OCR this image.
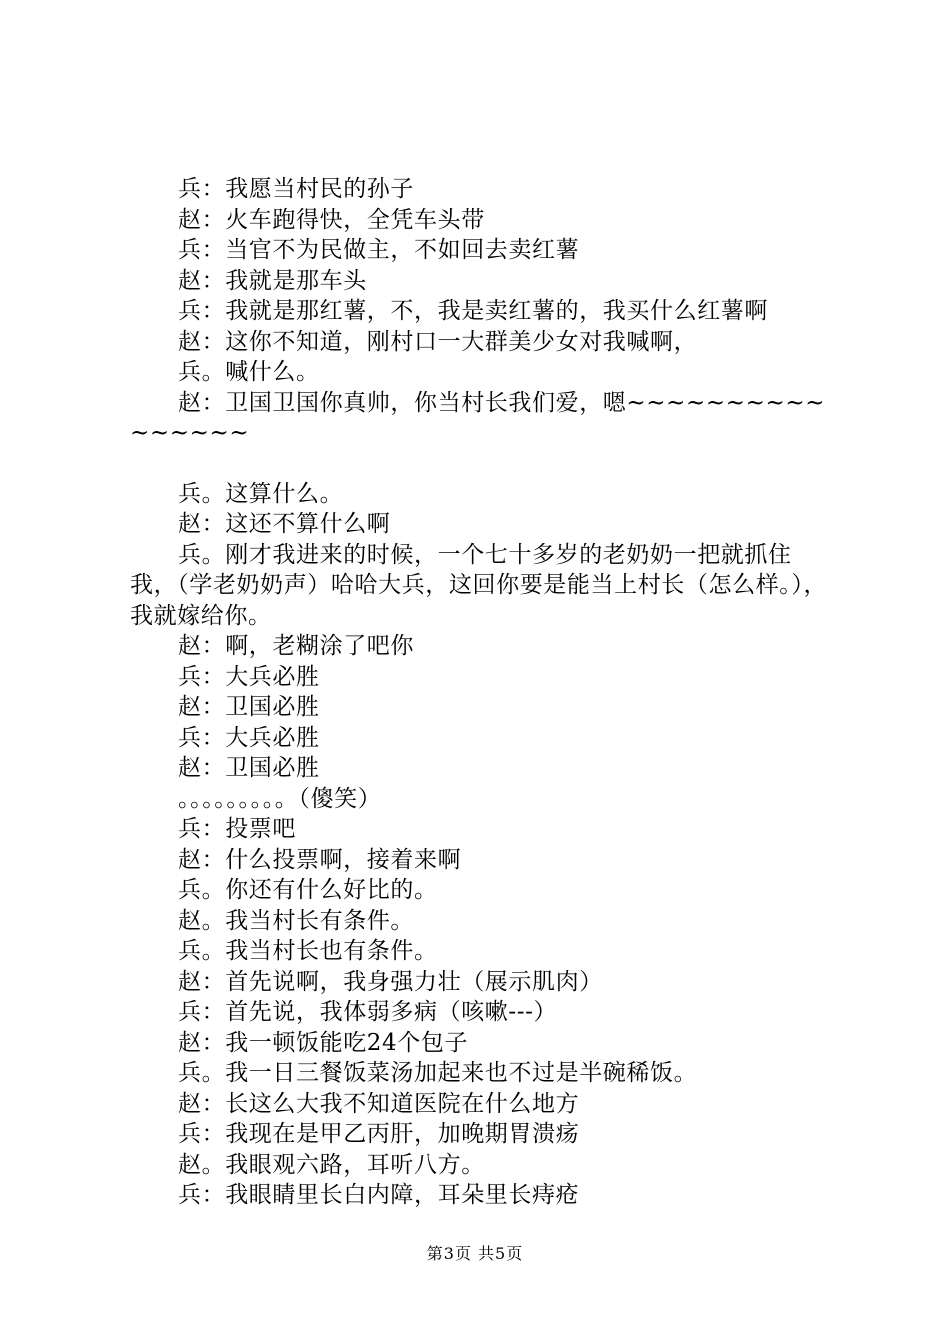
兵：我愿当村民的孙子
赵：火车跑得快，全凭车头带
兵：当官不为民做主，不如回去卖红薯
赵：我就是那车头
兵：我就是那红薯，不，我是卖红薯的，我买什么红薯啊
赵：这你不知道，刚村口一大群美少女对我喊啊，
兵。喊什么。
赵：卫国卫国你真帅，你当村长我们爱，嗯~~~~~~~~~~~~~~~~
兵。这算什么。
赵：这还不算什么啊
兵。刚才我进来的时候，一个七十多岁的老奶奶一把就抓住我，（学老奶奶声）哈哈大兵，这回你要是能当上村长（怎么样。），我就嫁给你。
赵：啊，老糊涂了吧你
兵：大兵必胜
赵：卫国必胜
兵：大兵必胜
赵：卫国必胜
。。。。。。。。。（傻笑）
兵：投票吧
赵：什么投票啊，接着来啊
兵。你还有什么好比的。
赵。我当村长有条件。
兵。我当村长也有条件。
赵：首先说啊，我身强力壮（展示肌肉）
兵：首先说，我体弱多病（咳嗽---）
赵：我一顿饭能吃24个包子
兵。我一日三餐饭菜汤加起来也不过是半碗稀饭。
赵：长这么大我不知道医院在什么地方
兵：我现在是甲乙丙肝，加晚期胃溃疡
赵。我眼观六路，耳听八方。
兵：我眼睛里长白内障，耳朵里长痔疮
第3页 共5页
